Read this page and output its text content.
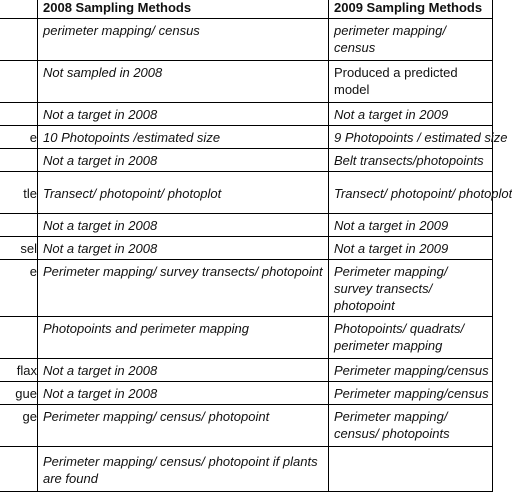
	2008 Sampling Methods	2009 Sampling Methods
	perimeter mapping/ census	perimeter mapping/ census
	Not sampled in 2008	Produced a predicted model
	Not a target in 2008	Not a target in 2009
e	10 Photopoints /estimated size	9 Photopoints / estimated size
	Not a target in 2008	Belt transects/photopoints
tle	Transect/ photopoint/ photoplot	Transect/ photopoint/ photoplot
	Not a target in 2008	Not a target in 2009
sel	Not a target in 2008	Not a target in 2009
e	Perimeter mapping/ survey transects/ photopoint	Perimeter mapping/ survey transects/ photopoint
	Photopoints and perimeter mapping	Photopoints/ quadrats/ perimeter mapping
flax	Not a target in 2008	Perimeter mapping/census
gue	Not a target in 2008	Perimeter mapping/census
ge	Perimeter mapping/ census/ photopoint	Perimeter mapping/ census/ photopoints
	Perimeter mapping/ census/ photopoint if plants are found	
